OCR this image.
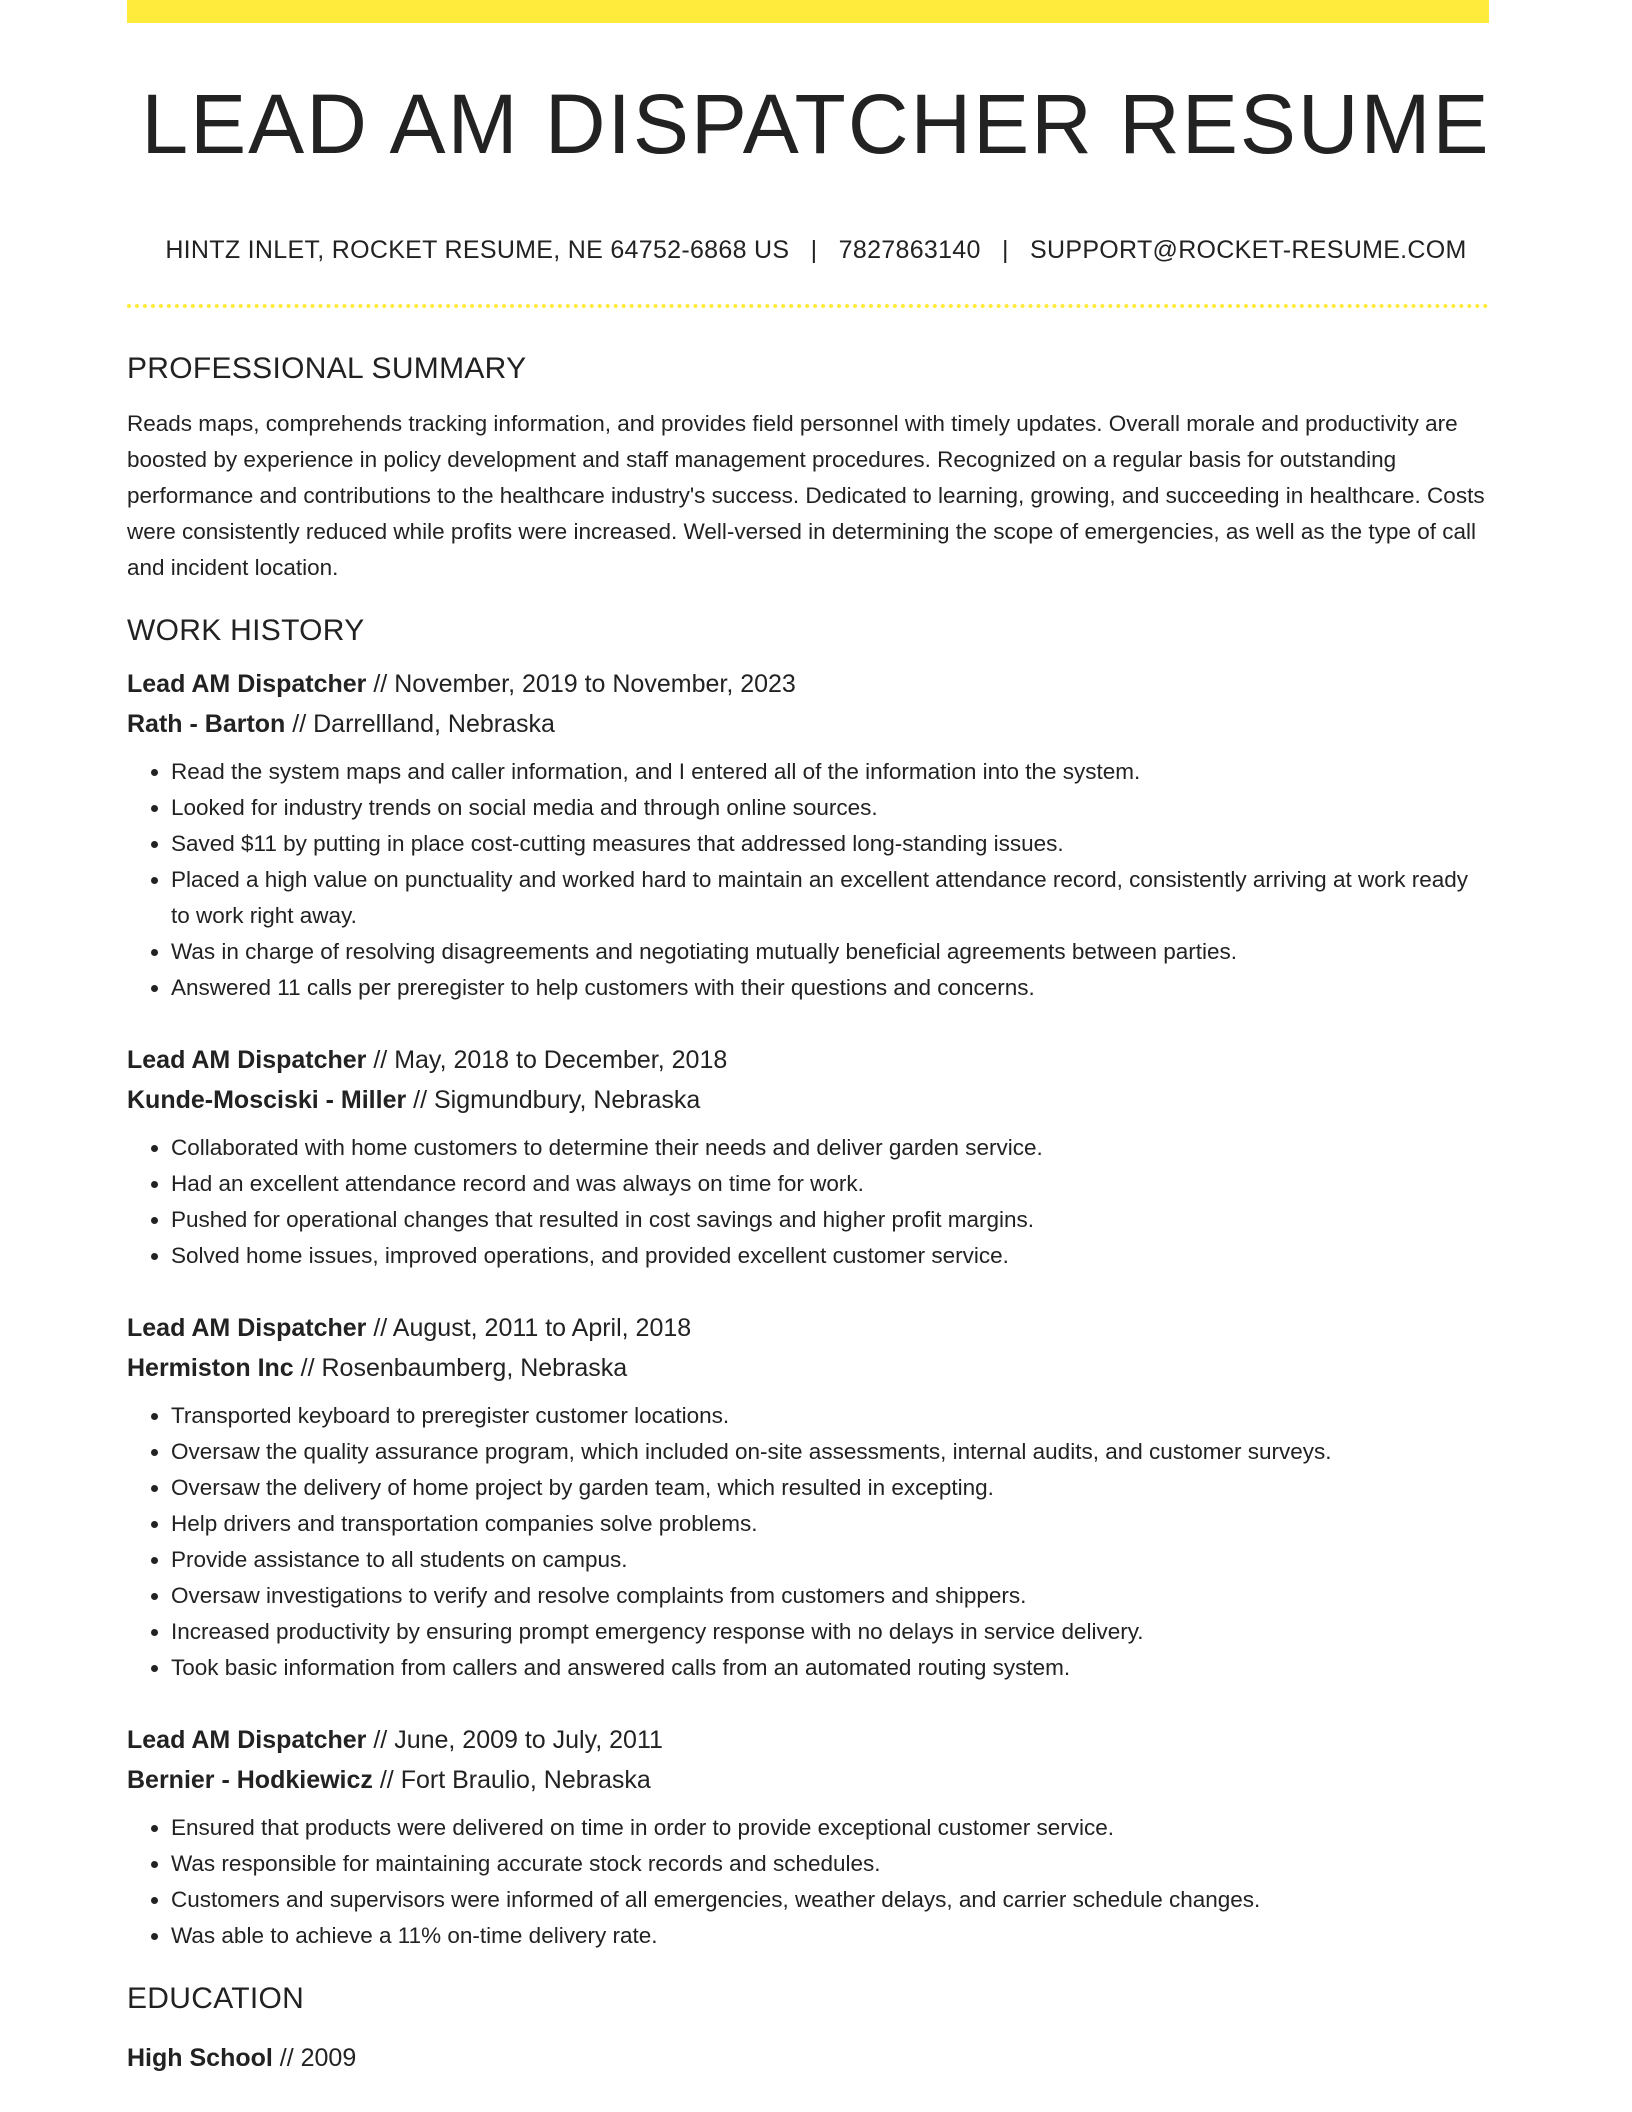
LEAD AM DISPATCHER RESUME
HINTZ INLET, ROCKET RESUME, NE 64752-6868 US | 7827863140 | SUPPORT@ROCKET-RESUME.COM
PROFESSIONAL SUMMARY

Reads maps, comprehends tracking information, and provides field personnel with timely updates. Overall morale and productivity are boosted by experience in policy development and staff management procedures. Recognized on a regular basis for outstanding performance and contributions to the healthcare industry's success. Dedicated to learning, growing, and succeeding in healthcare. Costs were consistently reduced while profits were increased. Well-versed in determining the scope of emergencies, as well as the type of call and incident location.

WORK HISTORY
Lead AM Dispatcher // November, 2019 to November, 2023
Rath - Barton // Darrellland, Nebraska
• Read the system maps and caller information, and I entered all of the information into the system.
• Looked for industry trends on social media and through online sources.
• Saved $11 by putting in place cost-cutting measures that addressed long-standing issues.
• Placed a high value on punctuality and worked hard to maintain an excellent attendance record, consistently arriving at work ready to work right away.
• Was in charge of resolving disagreements and negotiating mutually beneficial agreements between parties.
• Answered 11 calls per preregister to help customers with their questions and concerns.
Lead AM Dispatcher // May, 2018 to December, 2018
Kunde-Mosciski - Miller // Sigmundbury, Nebraska
• Collaborated with home customers to determine their needs and deliver garden service.
• Had an excellent attendance record and was always on time for work.
• Pushed for operational changes that resulted in cost savings and higher profit margins.
• Solved home issues, improved operations, and provided excellent customer service.
Lead AM Dispatcher // August, 2011 to April, 2018
Hermiston Inc // Rosenbaumberg, Nebraska
• Transported keyboard to preregister customer locations.
• Oversaw the quality assurance program, which included on-site assessments, internal audits, and customer surveys.
• Oversaw the delivery of home project by garden team, which resulted in excepting.
• Help drivers and transportation companies solve problems.
• Provide assistance to all students on campus.
• Oversaw investigations to verify and resolve complaints from customers and shippers.
• Increased productivity by ensuring prompt emergency response with no delays in service delivery.
• Took basic information from callers and answered calls from an automated routing system.
Lead AM Dispatcher // June, 2009 to July, 2011
Bernier - Hodkiewicz // Fort Braulio, Nebraska
• Ensured that products were delivered on time in order to provide exceptional customer service.
• Was responsible for maintaining accurate stock records and schedules.
• Customers and supervisors were informed of all emergencies, weather delays, and carrier schedule changes.
• Was able to achieve a 11% on-time delivery rate.
EDUCATION
High School // 2009
